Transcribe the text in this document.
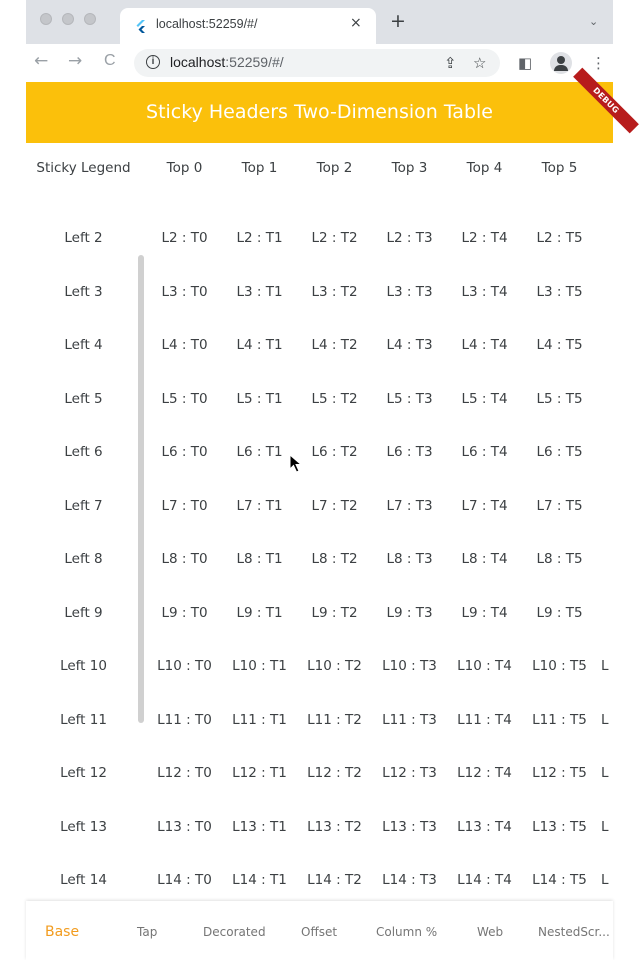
localhost:52259/#/	× +	⌄
← → C	i	localhost:52259/#/	⇪ ☆ ◧	⋮
Sticky Headers Two-Dimension Table	DEBUG
Sticky Legend	Top 0	Top 1	Top 2	Top 3	Top 4	Top 5
Left 2	L2 : T0	L2 : T1	L2 : T2	L2 : T3	L2 : T4	L2 : T5
Left 3	L3 : T0	L3 : T1	L3 : T2	L3 : T3	L3 : T4	L3 : T5
Left 4	L4 : T0	L4 : T1	L4 : T2	L4 : T3	L4 : T4	L4 : T5
Left 5	L5 : T0	L5 : T1	L5 : T2	L5 : T3	L5 : T4	L5 : T5
Left 6	L6 : T0	L6 : T1	L6 : T2	L6 : T3	L6 : T4	L6 : T5
Left 7	L7 : T0	L7 : T1	L7 : T2	L7 : T3	L7 : T4	L7 : T5
Left 8	L8 : T0	L8 : T1	L8 : T2	L8 : T3	L8 : T4	L8 : T5
Left 9	L9 : T0	L9 : T1	L9 : T2	L9 : T3	L9 : T4	L9 : T5
Left 10	L10 : T0	L10 : T1	L10 : T2	L10 : T3	L10 : T4	L10 : T5	L
Left 11	L11 : T0	L11 : T1	L11 : T2	L11 : T3	L11 : T4	L11 : T5	L
Left 12	L12 : T0	L12 : T1	L12 : T2	L12 : T3	L12 : T4	L12 : T5	L
Left 13	L13 : T0	L13 : T1	L13 : T2	L13 : T3	L13 : T4	L13 : T5	L
Left 14	L14 : T0	L14 : T1	L14 : T2	L14 : T3	L14 : T4	L14 : T5	L
Base	Tap	Decorated	Offset	Column %	Web	NestedScr...
